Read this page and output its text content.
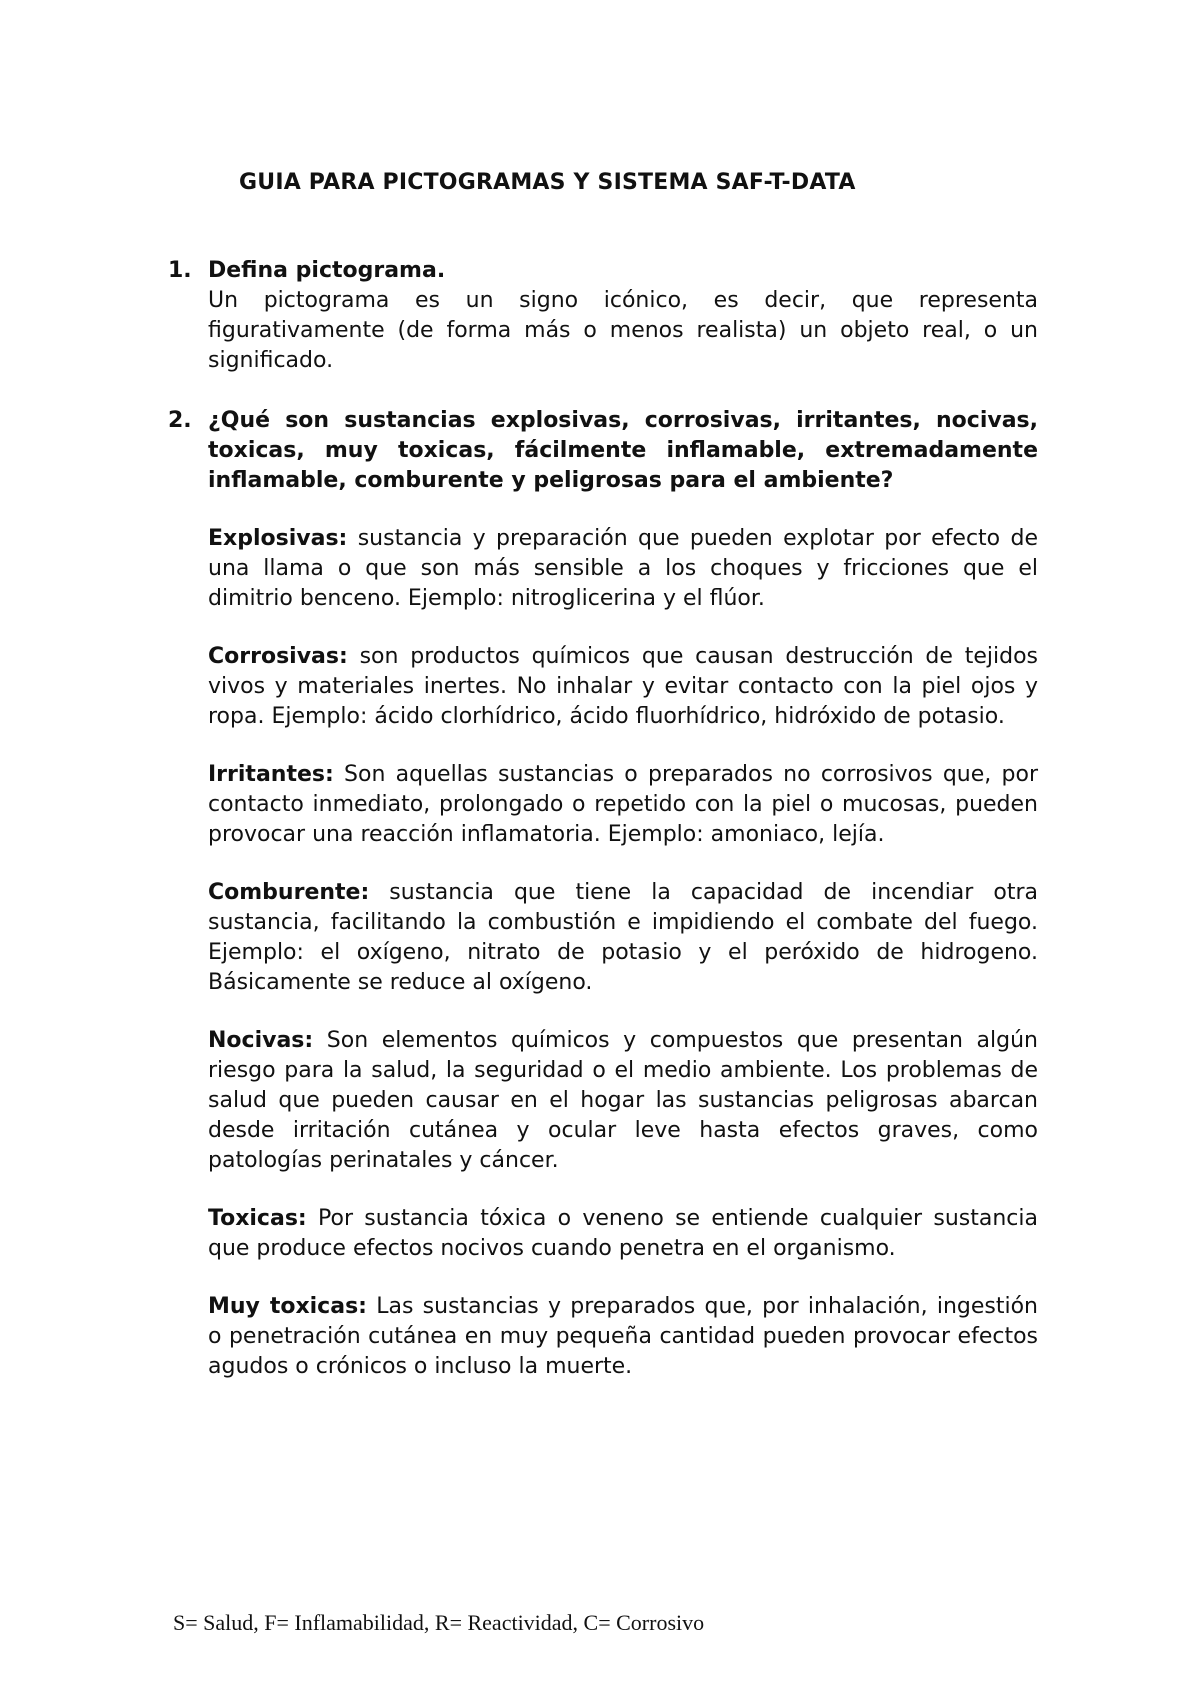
GUIA PARA PICTOGRAMAS Y SISTEMA SAF-T-DATA
1. Defina pictograma.
Un pictograma es un signo icónico, es decir, que representa figurativamente (de forma más o menos realista) un objeto real, o un significado.
2. ¿Qué son sustancias explosivas, corrosivas, irritantes, nocivas, toxicas, muy toxicas, fácilmente inflamable, extremadamente inflamable, comburente y peligrosas para el ambiente?
Explosivas: sustancia y preparación que pueden explotar por efecto de una llama o que son más sensible a los choques y fricciones que el dimitrio benceno. Ejemplo: nitroglicerina y el flúor.
Corrosivas: son productos químicos que causan destrucción de tejidos vivos y materiales inertes. No inhalar y evitar contacto con la piel ojos y ropa. Ejemplo: ácido clorhídrico, ácido fluorhídrico, hidróxido de potasio.
Irritantes: Son aquellas sustancias o preparados no corrosivos que, por contacto inmediato, prolongado o repetido con la piel o mucosas, pueden provocar una reacción inflamatoria. Ejemplo: amoniaco, lejía.
Comburente: sustancia que tiene la capacidad de incendiar otra sustancia, facilitando la combustión e impidiendo el combate del fuego. Ejemplo: el oxígeno, nitrato de potasio y el peróxido de hidrogeno. Básicamente se reduce al oxígeno.
Nocivas: Son elementos químicos y compuestos que presentan algún riesgo para la salud, la seguridad o el medio ambiente. Los problemas de salud que pueden causar en el hogar las sustancias peligrosas abarcan desde irritación cutánea y ocular leve hasta efectos graves, como patologías perinatales y cáncer.
Toxicas: Por sustancia tóxica o veneno se entiende cualquier sustancia que produce efectos nocivos cuando penetra en el organismo.
Muy toxicas: Las sustancias y preparados que, por inhalación, ingestión o penetración cutánea en muy pequeña cantidad pueden provocar efectos agudos o crónicos o incluso la muerte.
S= Salud, F= Inflamabilidad, R= Reactividad, C= Corrosivo
